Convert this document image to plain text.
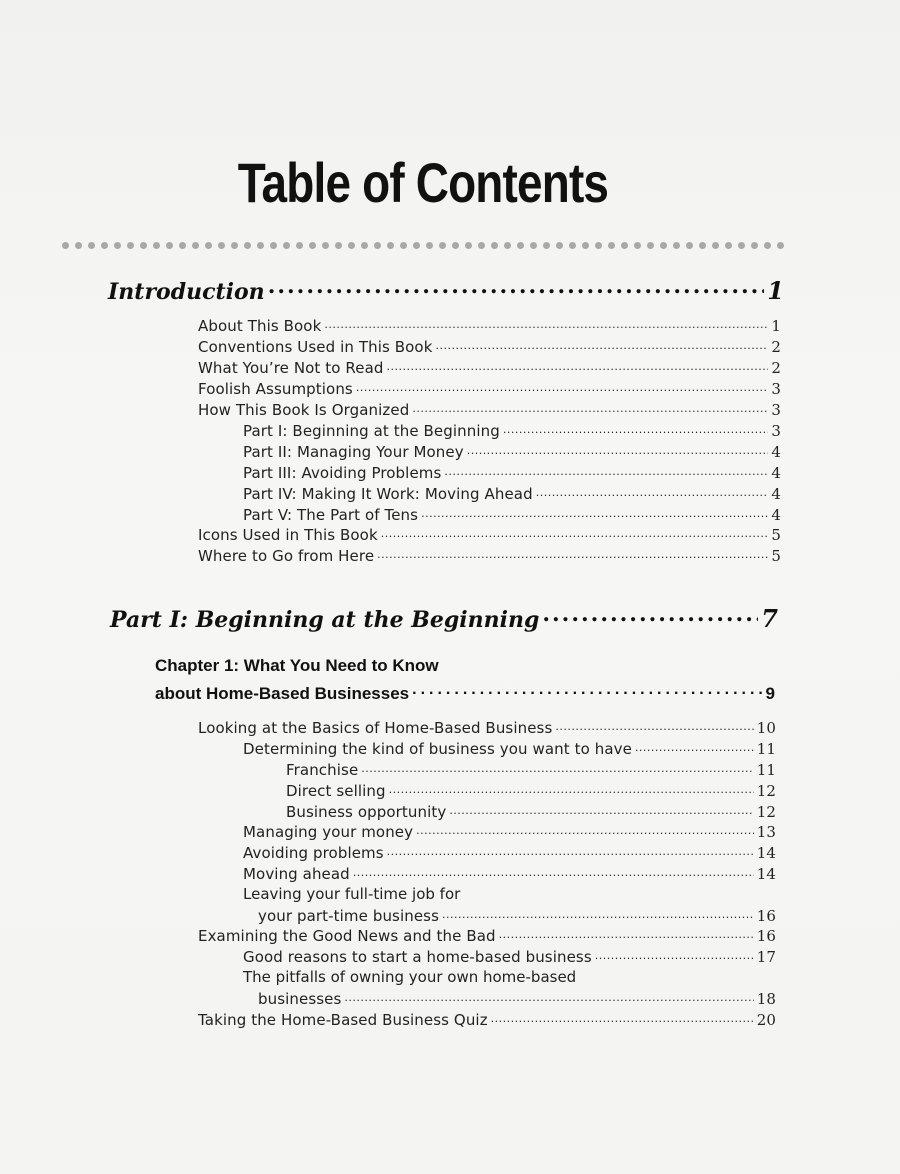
Table of Contents
Introduction .....	1
About This Book .....	1
Conventions Used in This Book .....	2
What You’re Not to Read .....	2
Foolish Assumptions .....	3
How This Book Is Organized .....	3
Part I: Beginning at the Beginning .....	3
Part II: Managing Your Money .....	4
Part III: Avoiding Problems .....	4
Part IV: Making It Work: Moving Ahead .....	4
Part V: The Part of Tens .....	4
Icons Used in This Book .....	5
Where to Go from Here .....	5
Part I: Beginning at the Beginning .....	7
Chapter 1: What You Need to Know
about Home-Based Businesses .....	9
Looking at the Basics of Home-Based Business .....	10
Determining the kind of business you want to have .....	11
Franchise .....	11
Direct selling .....	12
Business opportunity .....	12
Managing your money .....	13
Avoiding problems .....	14
Moving ahead .....	14
Leaving your full-time job for
your part-time business .....	16
Examining the Good News and the Bad .....	16
Good reasons to start a home-based business .....	17
The pitfalls of owning your own home-based
businesses .....	18
Taking the Home-Based Business Quiz .....	20
